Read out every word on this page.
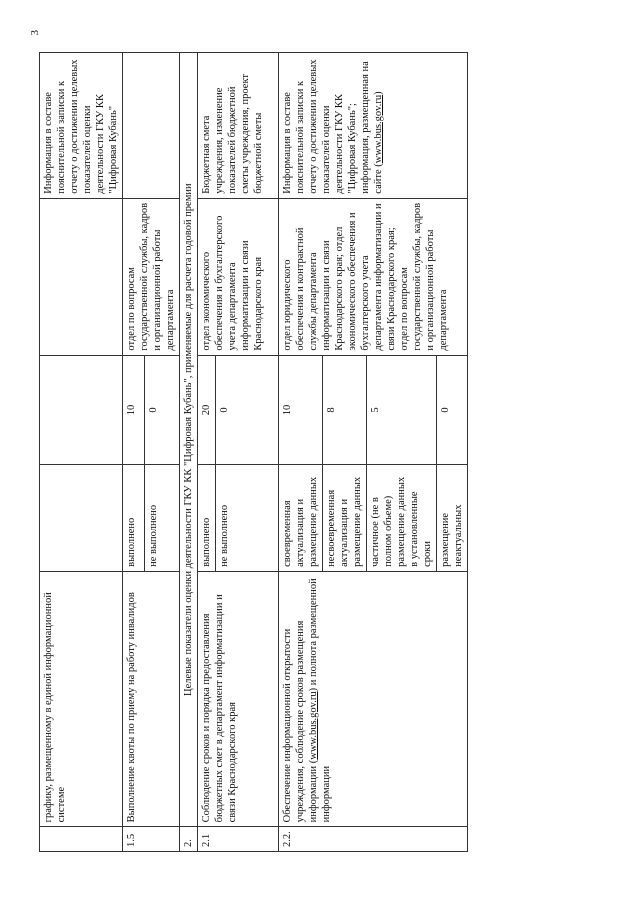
3
	графику, размещенному в единой информационной системе				Информация в составе пояснительной записки к отчету о достижении целевых показателей оценки деятельности ГКУ КК "Цифровая Кубань"
1.5	Выполнение квоты по приему на работу инвалидов	выполнено	10	отдел по вопросам государственной службы, кадров и организационной работы департамента	
		не выполнено	0		
2.	Целевые показатели оценки деятельности ГКУ КК "Цифровая Кубань", применяемые для расчета годовой премии				
2.1	Соблюдение сроков и порядка предоставления бюджетных смет в департамент информатизации и связи Краснодарского края	выполнено	20	отдел экономического обеспечения и бухгалтерского учета департамента информатизации и связи Краснодарского края	Бюджетная смета учреждения, изменение показателей бюджетной сметы учреждения, проект бюджетной сметы
		не выполнено	0		
2.2.	Обеспечение информационной открытости учреждения, соблюдение сроков размещения информации (www.bus.gov.ru) и полнота размещенной информации	своевременная актуализация и размещение данных	10	отдел юридического обеспечения и контрактной службы департамента информатизации и связи Краснодарского края; отдел экономического обеспечения и бухгалтерского учета департамента информатизации и связи Краснодарского края; отдел по вопросам государственной службы, кадров и организационной работы департамента	Информация в составе пояснительной записки к отчету о достижении целевых показателей оценки деятельности ГКУ КК "Цифровая Кубань"; информация, размещенная на сайте (www.bus.gov.ru)
		несвоевременная актуализация и размещение данных	8		
		частичное (не в полном объеме) размещение данных в установленные сроки	5		
		размещение неактуальных	0		
